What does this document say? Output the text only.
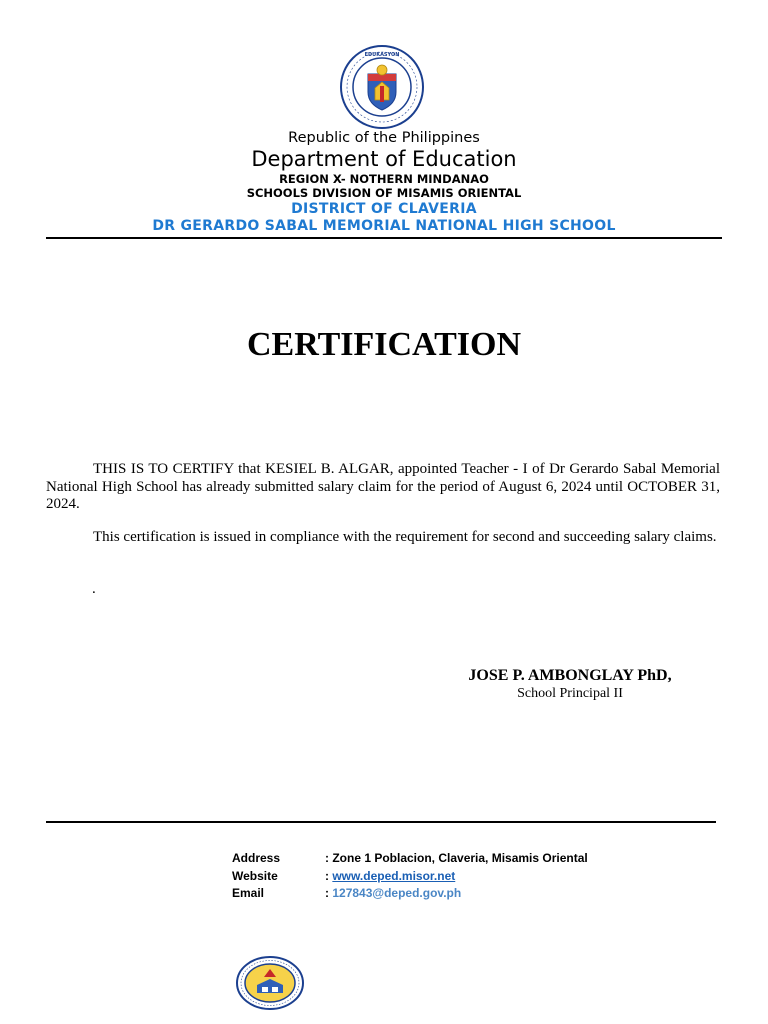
EDUKASYON
Republic of the Philippines
Department of Education
REGION X- NOTHERN MINDANAO
SCHOOLS DIVISION OF MISAMIS ORIENTAL
DISTRICT OF CLAVERIA
DR GERARDO SABAL MEMORIAL NATIONAL HIGH SCHOOL
CERTIFICATION
THIS IS TO CERTIFY that KESIEL B. ALGAR, appointed Teacher - I of Dr Gerardo Sabal Memorial National High School has already submitted salary claim for the period of August 6, 2024 until OCTOBER 31, 2024.
This certification is issued in compliance with the requirement for second and succeeding salary claims.
.
JOSE P. AMBONGLAY PhD,
School Principal II
Address	: Zone 1 Poblacion, Claveria, Misamis Oriental
Website	: www.deped.misor.net
Email	: 127843@deped.gov.ph
